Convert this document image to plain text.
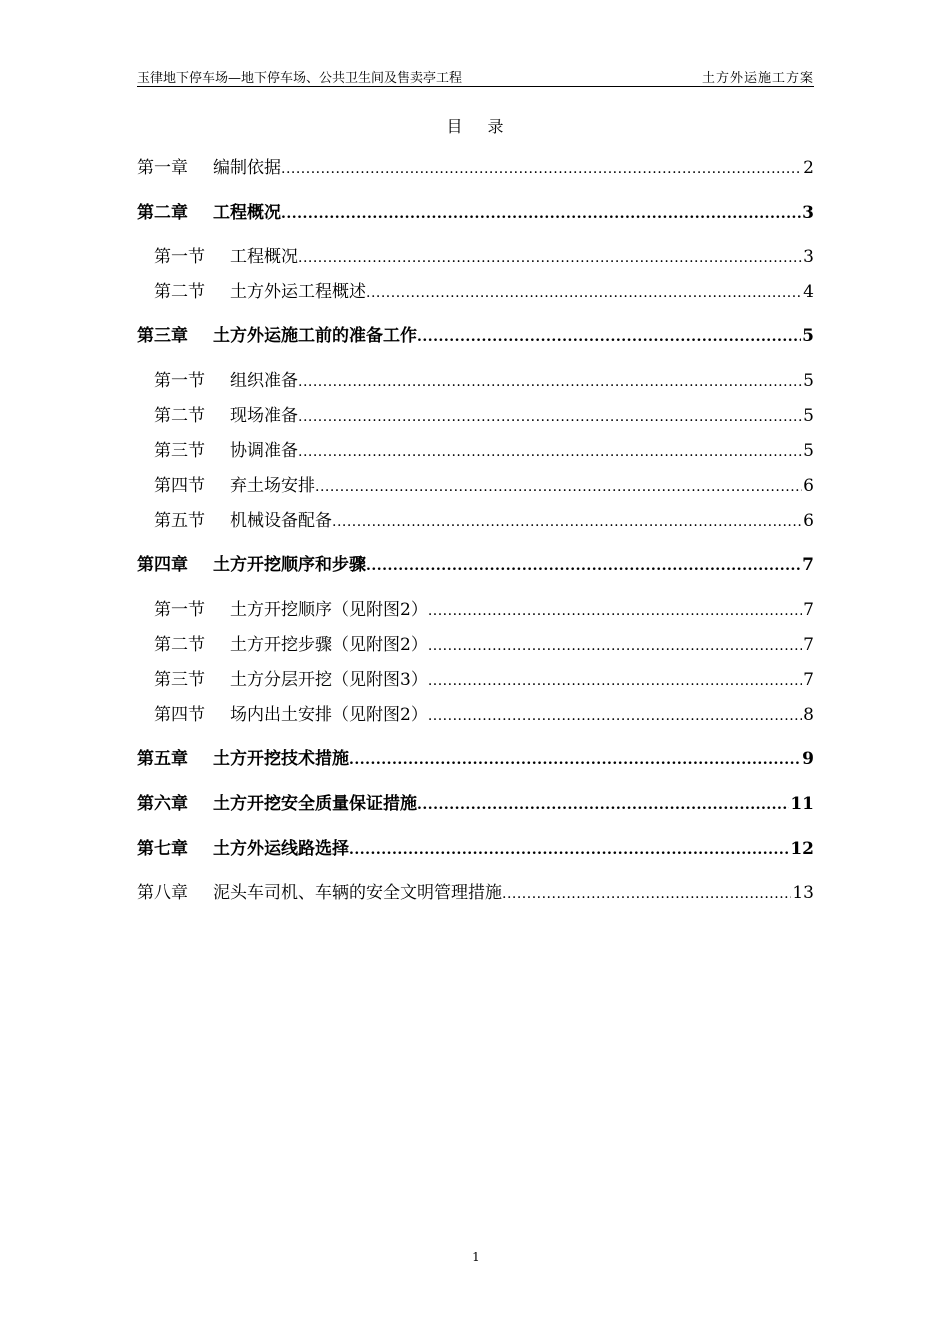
玉律地下停车场—地下停车场、公共卫生间及售卖亭工程	土方外运施工方案
目 录
第一章	编制依据 .....	2
第二章	工程概况 .....	3
第一节	工程概况 .....	3
第二节	土方外运工程概述 .....	4
第三章	土方外运施工前的准备工作 .....	5
第一节	组织准备 .....	5
第二节	现场准备 .....	5
第三节	协调准备 .....	5
第四节	弃土场安排 .....	6
第五节	机械设备配备 .....	6
第四章	土方开挖顺序和步骤 .....	7
第一节	土方开挖顺序（见附图2） .....	7
第二节	土方开挖步骤（见附图2） .....	7
第三节	土方分层开挖（见附图3） .....	7
第四节	场内出土安排（见附图2） .....	8
第五章	土方开挖技术措施 .....	9
第六章	土方开挖安全质量保证措施 .....	11
第七章	土方外运线路选择 .....	12
第八章	泥头车司机、车辆的安全文明管理措施 .....	13
1
